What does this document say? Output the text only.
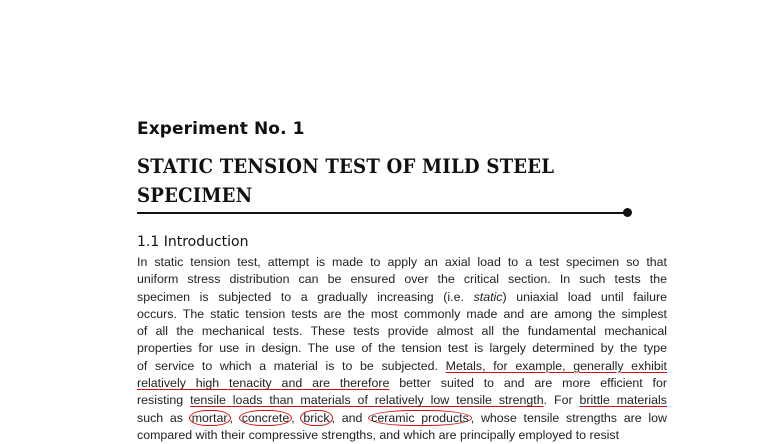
Experiment No. 1
STATIC TENSION TEST OF MILD STEEL
SPECIMEN
1.1 Introduction
In static tension test, attempt is made to apply an axial load to a test specimen so that
uniform stress distribution can be ensured over the critical section. In such tests the
specimen is subjected to a gradually increasing (i.e. static) uniaxial load until failure
occurs. The static tension tests are the most commonly made and are among the simplest
of all the mechanical tests. These tests provide almost all the fundamental mechanical
properties for use in design. The use of the tension test is largely determined by the type
of service to which a material is to be subjected. Metals, for example, generally exhibit
relatively high tenacity and are therefore better suited to and are more efficient for
resisting tensile loads than materials of relatively low tensile strength. For brittle materials
such as mortar , concrete , brick , and ceramic products , whose tensile strengths are low
compared with their compressive strengths, and which are principally employed to resist
